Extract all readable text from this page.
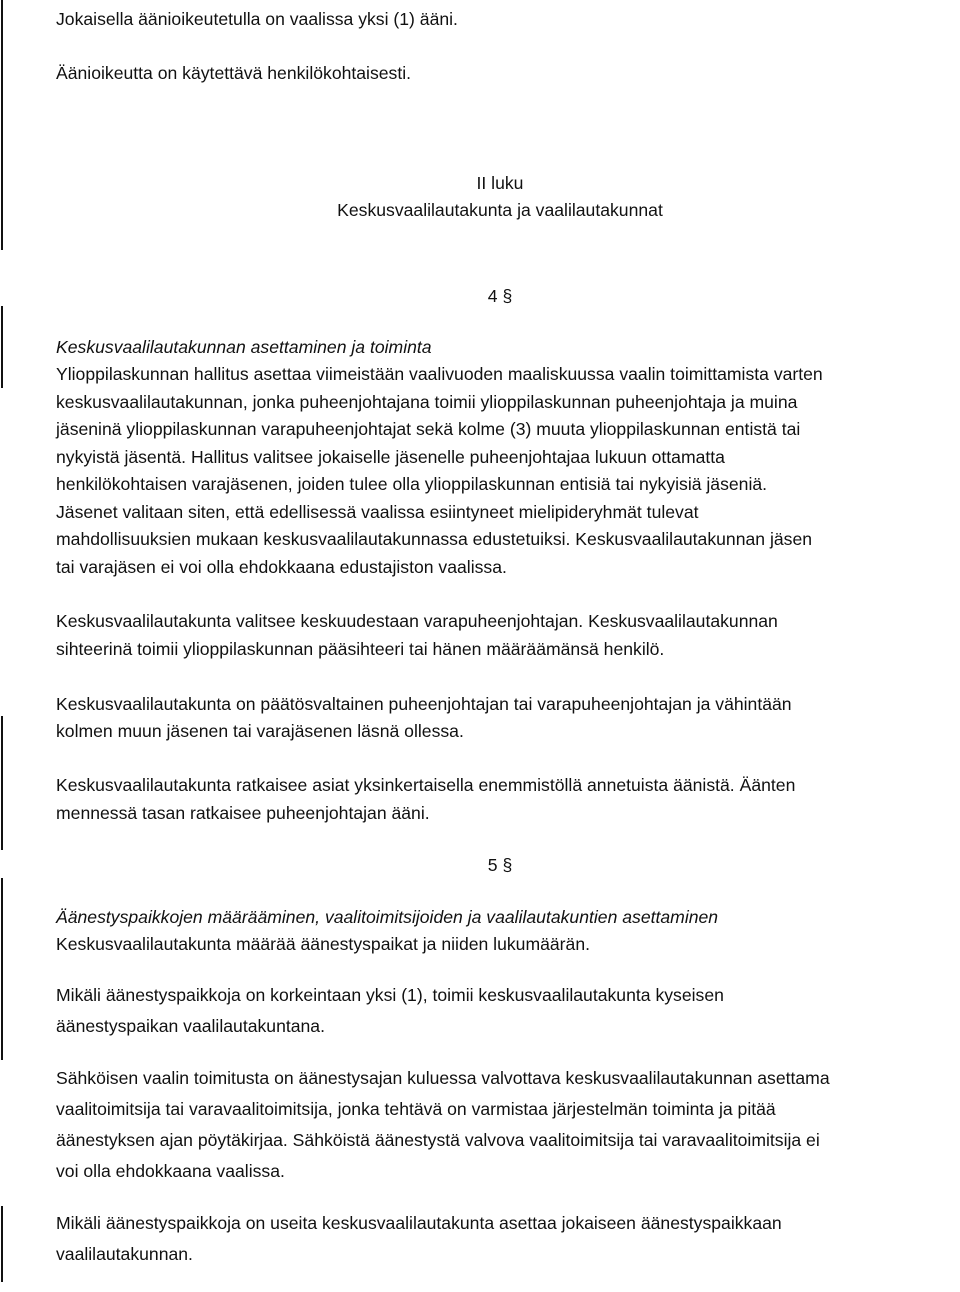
Jokaisella äänioikeutetulla on vaalissa yksi (1) ääni.
Äänioikeutta on käytettävä henkilökohtaisesti.
II luku
Keskusvaalilautakunta ja vaalilautakunnat
4 §
Keskusvaalilautakunnan asettaminen ja toiminta
Ylioppilaskunnan hallitus asettaa viimeistään vaalivuoden maaliskuussa vaalin toimittamista varten
keskusvaalilautakunnan, jonka puheenjohtajana toimii ylioppilaskunnan puheenjohtaja ja muina
jäseninä ylioppilaskunnan varapuheenjohtajat sekä kolme (3) muuta ylioppilaskunnan entistä tai
nykyistä jäsentä. Hallitus valitsee jokaiselle jäsenelle puheenjohtajaa lukuun ottamatta
henkilökohtaisen varajäsenen, joiden tulee olla ylioppilaskunnan entisiä tai nykyisiä jäseniä.
Jäsenet valitaan siten, että edellisessä vaalissa esiintyneet mielipideryhmät tulevat
mahdollisuuksien mukaan keskusvaalilautakunnassa edustetuiksi. Keskusvaalilautakunnan jäsen
tai varajäsen ei voi olla ehdokkaana edustajiston vaalissa.
Keskusvaalilautakunta valitsee keskuudestaan varapuheenjohtajan. Keskusvaalilautakunnan
sihteerinä toimii ylioppilaskunnan pääsihteeri tai hänen määräämänsä henkilö.
Keskusvaalilautakunta on päätösvaltainen puheenjohtajan tai varapuheenjohtajan ja vähintään
kolmen muun jäsenen tai varajäsenen läsnä ollessa.
Keskusvaalilautakunta ratkaisee asiat yksinkertaisella enemmistöllä annetuista äänistä. Äänten
mennessä tasan ratkaisee puheenjohtajan ääni.
5 §
Äänestyspaikkojen määrääminen, vaalitoimitsijoiden ja vaalilautakuntien asettaminen
Keskusvaalilautakunta määrää äänestyspaikat ja niiden lukumäärän.
Mikäli äänestyspaikkoja on korkeintaan yksi (1), toimii keskusvaalilautakunta kyseisen
äänestyspaikan vaalilautakuntana.
Sähköisen vaalin toimitusta on äänestysajan kuluessa valvottava keskusvaalilautakunnan asettama
vaalitoimitsija tai varavaalitoimitsija, jonka tehtävä on varmistaa järjestelmän toiminta ja pitää
äänestyksen ajan pöytäkirjaa. Sähköistä äänestystä valvova vaalitoimitsija tai varavaalitoimitsija ei
voi olla ehdokkaana vaalissa.
Mikäli äänestyspaikkoja on useita keskusvaalilautakunta asettaa jokaiseen äänestyspaikkaan
vaalilautakunnan.
